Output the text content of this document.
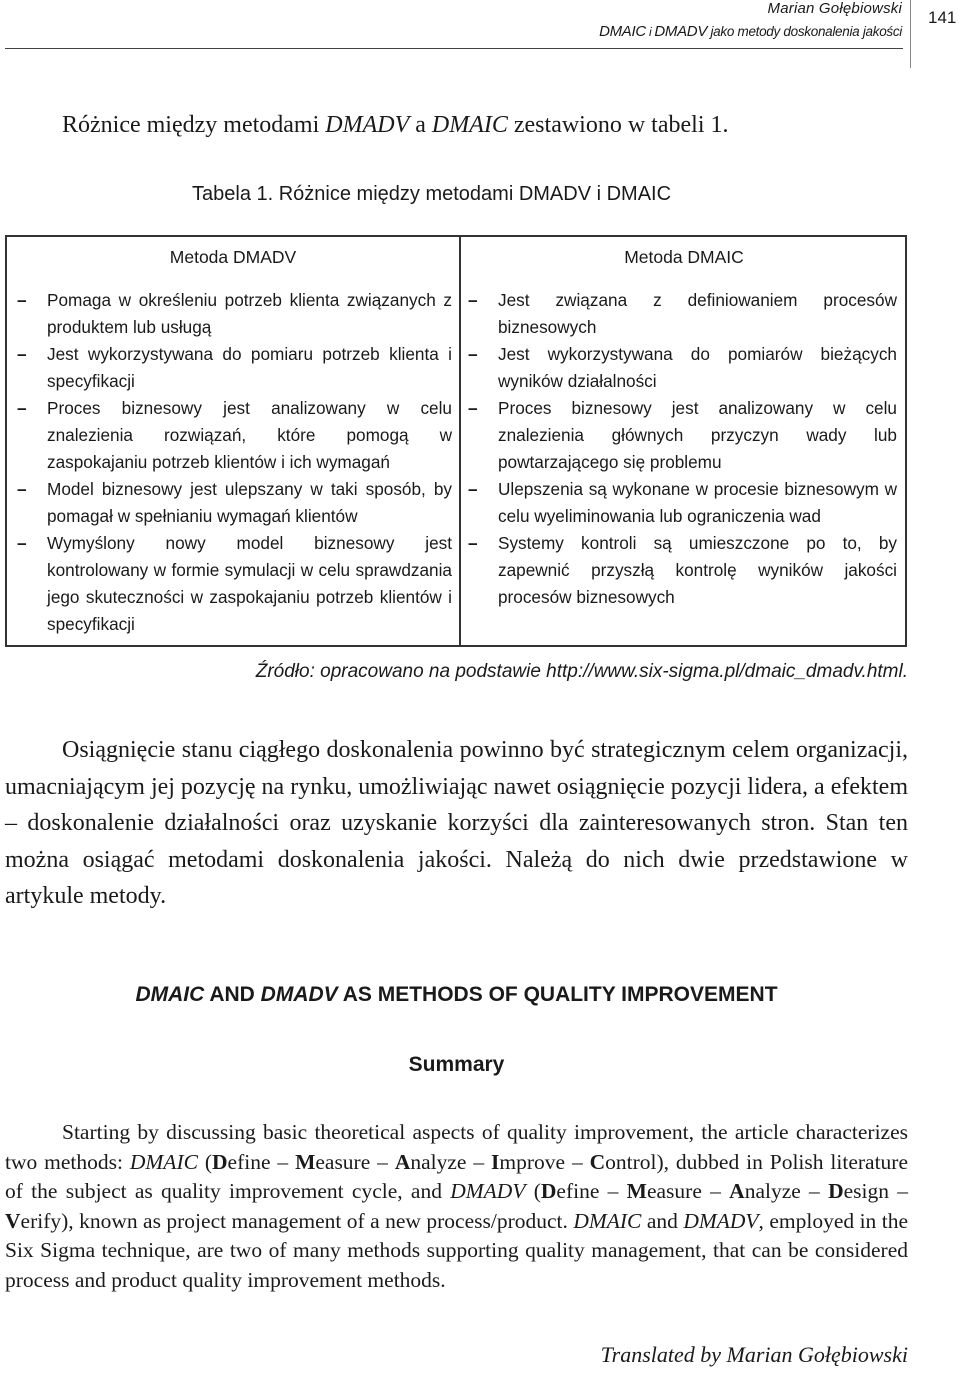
Marian Gołębiowski
DMAIC i DMADV jako metody doskonalenia jakości
141
Różnice między metodami DMADV a DMAIC zestawiono w tabeli 1.
Tabela 1. Różnice między metodami DMADV i DMAIC
Metoda DMADV	Metoda DMAIC
– Pomaga w określeniu potrzeb klienta związanych z produktem lub usługą
– Jest wykorzystywana do pomiaru potrzeb klienta i specyfikacji
– Proces biznesowy jest analizowany w celu znalezienia rozwiązań, które pomogą w zaspokajaniu potrzeb klientów i ich wymagań
– Model biznesowy jest ulepszany w taki sposób, by pomagał w spełnianiu wymagań klientów
– Wymyślony nowy model biznesowy jest kontrolowany w formie symulacji w celu sprawdzania jego skuteczności w zaspokajaniu potrzeb klientów i specyfikacji
– Jest związana z definiowaniem procesów biznesowych
– Jest wykorzystywana do pomiarów bieżących wyników działalności
– Proces biznesowy jest analizowany w celu znalezienia głównych przyczyn wady lub powtarzającego się problemu
– Ulepszenia są wykonane w procesie biznesowym w celu wyeliminowania lub ograniczenia wad
– Systemy kontroli są umieszczone po to, by zapewnić przyszłą kontrolę wyników jakości procesów biznesowych
Źródło: opracowano na podstawie http://www.six-sigma.pl/dmaic_dmadv.html.

Osiągnięcie stanu ciągłego doskonalenia powinno być strategicznym celem organizacji, umacniającym jej pozycję na rynku, umożliwiając nawet osiągnięcie pozycji lidera, a efektem – doskonalenie działalności oraz uzyskanie korzyści dla zainteresowanych stron. Stan ten można osiągać metodami doskonalenia jakości. Należą do nich dwie przedstawione w artykule metody.

DMAIC AND DMADV AS METHODS OF QUALITY IMPROVEMENT
Summary

Starting by discussing basic theoretical aspects of quality improvement, the article characterizes two methods: DMAIC (Define – Measure – Analyze – Improve – Control), dubbed in Polish literature of the subject as quality improvement cycle, and DMADV (Define – Measure – Analyze – Design – Verify), known as project management of a new process/product. DMAIC and DMADV, employed in the Six Sigma technique, are two of many methods supporting quality management, that can be considered process and product quality improvement methods.

Translated by Marian Gołębiowski
